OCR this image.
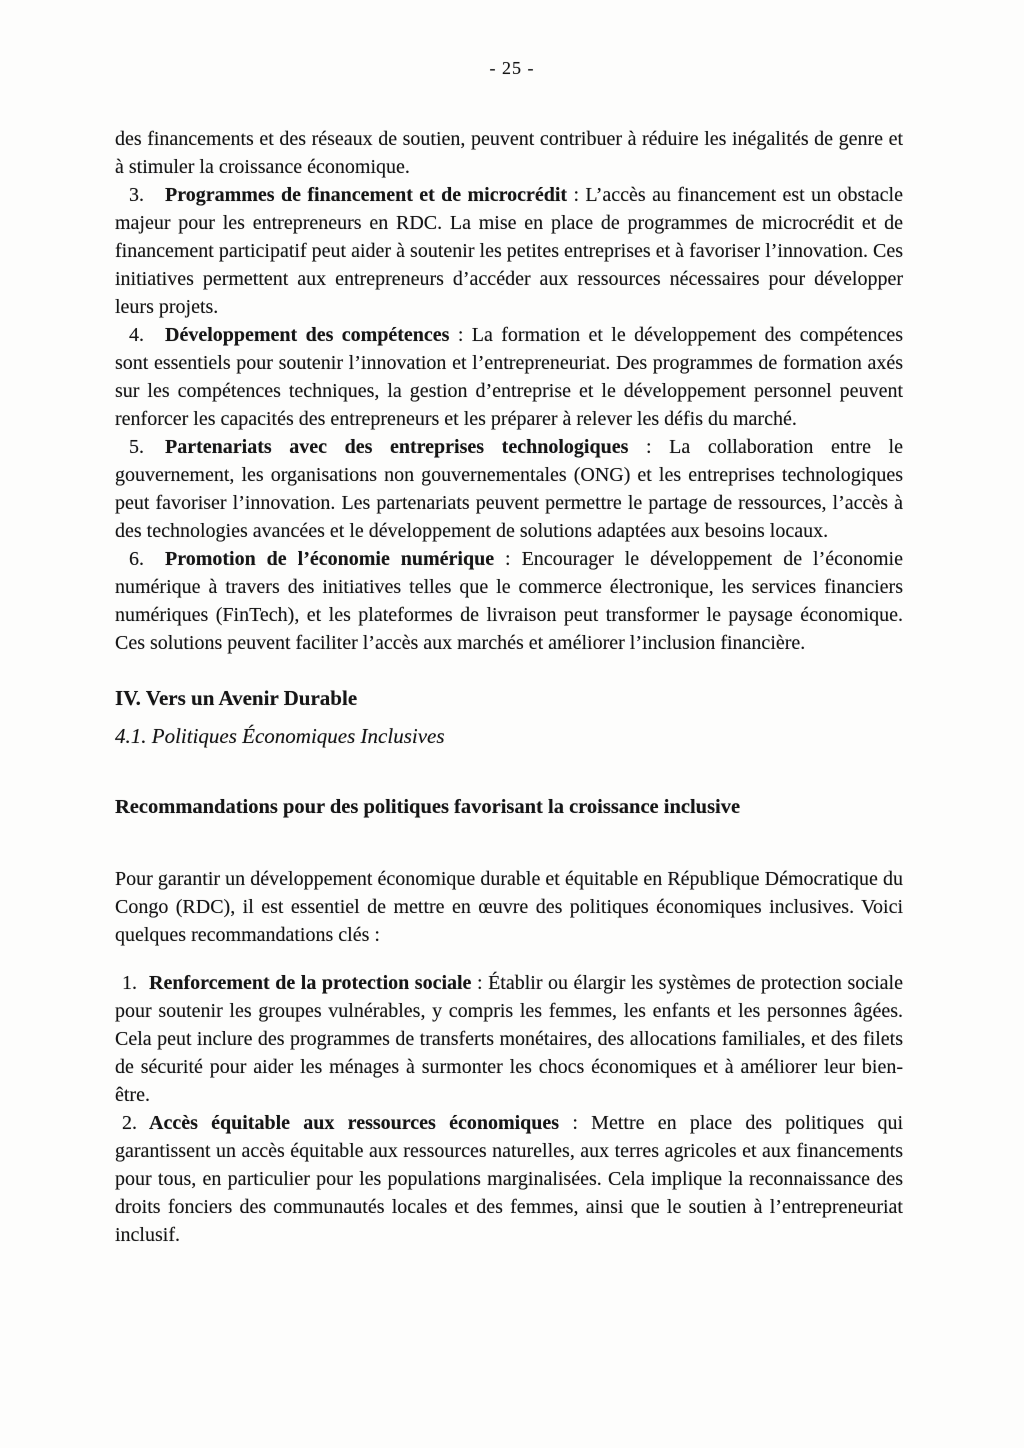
- 25 -

des financements et des réseaux de soutien, peuvent contribuer à réduire les inégalités de genre et à stimuler la croissance économique.

3. Programmes de financement et de microcrédit : L’accès au financement est un obstacle majeur pour les entrepreneurs en RDC. La mise en place de programmes de microcrédit et de financement participatif peut aider à soutenir les petites entreprises et à favoriser l’innovation. Ces initiatives permettent aux entrepreneurs d’accéder aux ressources nécessaires pour développer leurs projets.

4. Développement des compétences : La formation et le développement des compétences sont essentiels pour soutenir l’innovation et l’entrepreneuriat. Des programmes de formation axés sur les compétences techniques, la gestion d’entreprise et le développement personnel peuvent renforcer les capacités des entrepreneurs et les préparer à relever les défis du marché.

5. Partenariats avec des entreprises technologiques : La collaboration entre le gouvernement, les organisations non gouvernementales (ONG) et les entreprises technologiques peut favoriser l’innovation. Les partenariats peuvent permettre le partage de ressources, l’accès à des technologies avancées et le développement de solutions adaptées aux besoins locaux.

6. Promotion de l’économie numérique : Encourager le développement de l’économie numérique à travers des initiatives telles que le commerce électronique, les services financiers numériques (FinTech), et les plateformes de livraison peut transformer le paysage économique. Ces solutions peuvent faciliter l’accès aux marchés et améliorer l’inclusion financière.

IV. Vers un Avenir Durable

4.1. Politiques Économiques Inclusives

Recommandations pour des politiques favorisant la croissance inclusive

Pour garantir un développement économique durable et équitable en République Démocratique du Congo (RDC), il est essentiel de mettre en œuvre des politiques économiques inclusives. Voici quelques recommandations clés :

1. Renforcement de la protection sociale : Établir ou élargir les systèmes de protection sociale pour soutenir les groupes vulnérables, y compris les femmes, les enfants et les personnes âgées. Cela peut inclure des programmes de transferts monétaires, des allocations familiales, et des filets de sécurité pour aider les ménages à surmonter les chocs économiques et à améliorer leur bien-être.

2. Accès équitable aux ressources économiques : Mettre en place des politiques qui garantissent un accès équitable aux ressources naturelles, aux terres agricoles et aux financements pour tous, en particulier pour les populations marginalisées. Cela implique la reconnaissance des droits fonciers des communautés locales et des femmes, ainsi que le soutien à l’entrepreneuriat inclusif.
